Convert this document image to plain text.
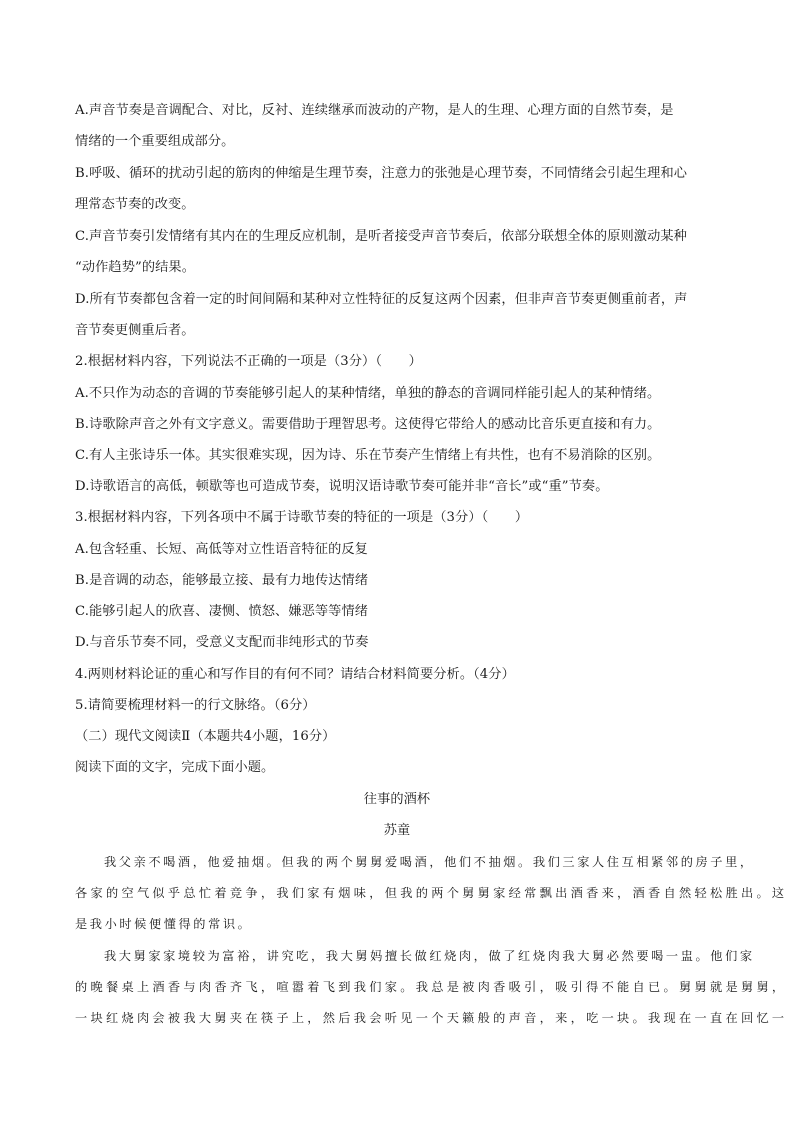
A.声音节奏是音调配合、对比，反衬、连续继承而波动的产物，是人的生理、心理方面的自然节奏，是
情绪的一个重要组成部分。
B.呼吸、循环的扰动引起的筋肉的伸缩是生理节奏，注意力的张弛是心理节奏，不同情绪会引起生理和心
理常态节奏的改变。
C.声音节奏引发情绪有其内在的生理反应机制，是听者接受声音节奏后，依部分联想全体的原则激动某种
“动作趋势”的结果。
D.所有节奏都包含着一定的时间间隔和某种对立性特征的反复这两个因素，但非声音节奏更侧重前者，声
音节奏更侧重后者。
2.根据材料内容，下列说法不正确的一项是（3分）（　　）
A.不只作为动态的音调的节奏能够引起人的某种情绪，单独的静态的音调同样能引起人的某种情绪。
B.诗歌除声音之外有文字意义。需要借助于理智思考。这使得它带给人的感动比音乐更直接和有力。
C.有人主张诗乐一体。其实很难实现，因为诗、乐在节奏产生情绪上有共性，也有不易消除的区别。
D.诗歌语言的高低，顿歇等也可造成节奏，说明汉语诗歌节奏可能并非“音长”或“重”节奏。
3.根据材料内容，下列各项中不属于诗歌节奏的特征的一项是（3分）（　　）
A.包含轻重、长短、高低等对立性语音特征的反复
B.是音调的动态，能够最立接、最有力地传达情绪
C.能够引起人的欣喜、凄恻、愤怒、嫌恶等等情绪
D.与音乐节奏不同，受意义支配而非纯形式的节奏
4.两则材料论证的重心和写作目的有何不同？请结合材料简要分析。（4分）
5.请简要梳理材料一的行文脉络。（6分）
（二）现代文阅读Ⅱ（本题共4小题，16分）
阅读下面的文字，完成下面小题。
往事的酒杯
苏童
我父亲不喝酒，他爱抽烟。但我的两个舅舅爱喝酒，他们不抽烟。我们三家人住互相紧邻的房子里，
各家的空气似乎总忙着竞争，我们家有烟味，但我的两个舅舅家经常飘出酒香来，酒香自然轻松胜出。这
是我小时候便懂得的常识。
我大舅家家境较为富裕，讲究吃，我大舅妈擅长做红烧肉，做了红烧肉我大舅必然要喝一盅。他们家
的晚餐桌上酒香与肉香齐飞，喧嚣着飞到我们家。我总是被肉香吸引，吸引得不能自已。舅舅就是舅舅，
一块红烧肉会被我大舅夹在筷子上，然后我会听见一个天籁般的声音，来，吃一块。我现在一直在回忆一
